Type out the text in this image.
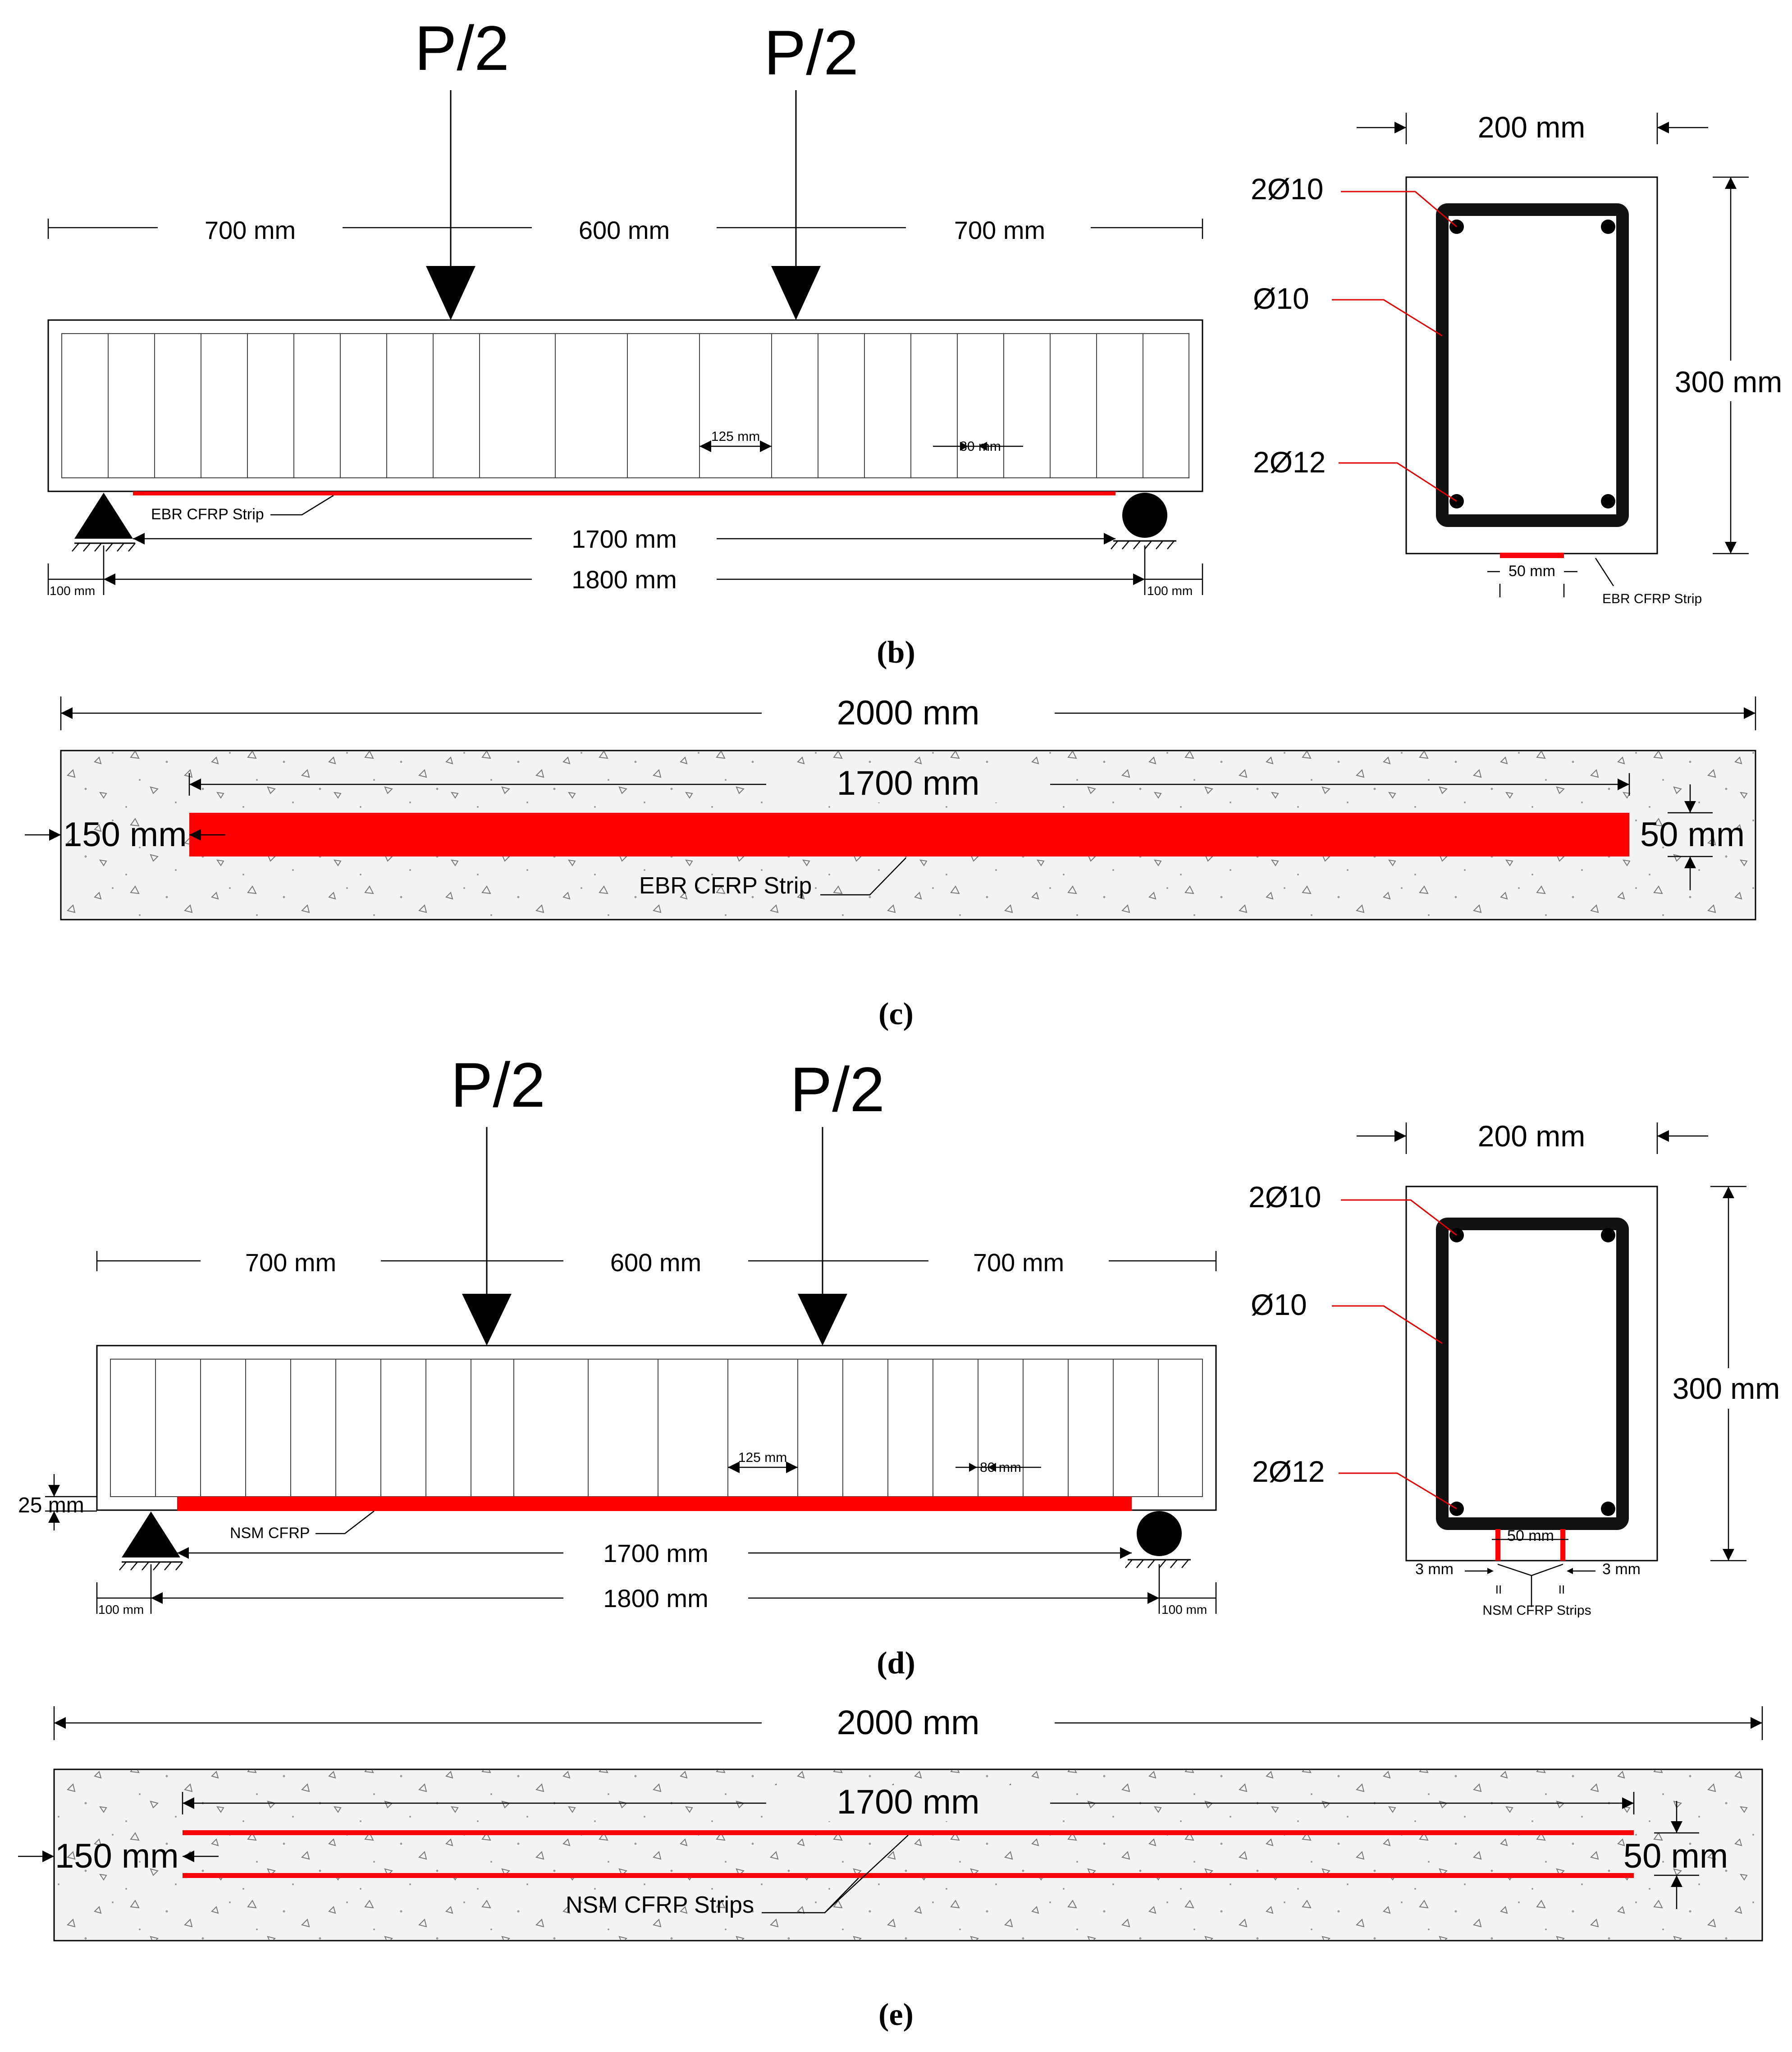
P/2	P/2
700 mm	600 mm	700 mm
125 mm
80 mm
EBR CFRP Strip
1700 mm
1800 mm
100 mm	100 mm
200 mm
300 mm
2Ø10
Ø10
2Ø12
50 mm
EBR CFRP Strip
(b)
2000 mm
1700 mm
150 mm	50 mm
EBR CFRP Strip
(c)
P/2	P/2
700 mm	600 mm	700 mm
125 mm
80 mm
NSM CFRP
25 mm
1700 mm
1800 mm
100 mm	100 mm
200 mm
300 mm
2Ø10
Ø10
2Ø12
50 mm
3 mm	3 mm
II	II
NSM CFRP Strips
(d)
2000 mm
1700 mm
150 mm	50 mm
NSM CFRP Strips
(e)
